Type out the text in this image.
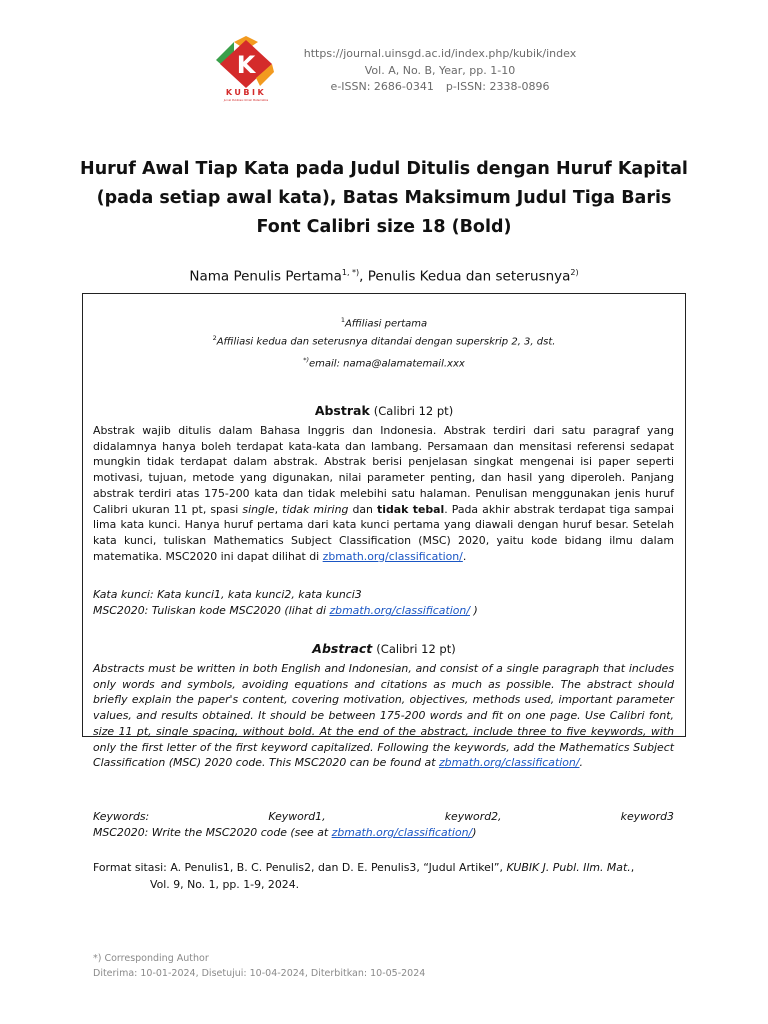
K
KUBIK
Jurnal Publikasi Ilmiah Matematika
https://journal.uinsgd.ac.id/index.php/kubik/index
Vol. A, No. B, Year, pp. 1-10
e-ISSN: 2686-0341 p-ISSN: 2338-0896
Huruf Awal Tiap Kata pada Judul Ditulis dengan Huruf Kapital (pada setiap awal kata), Batas Maksimum Judul Tiga Baris Font Calibri size 18 (Bold)
Nama Penulis Pertama$^{1, *)}$, Penulis Kedua dan seterusnya$^{2)}$
$^1$Affiliasi pertama
$^2$Affiliasi kedua dan seterusnya ditandai dengan superskrip 2, 3, dst.
*)email: nama@alamatemail.xxx
Abstrak (Calibri 12 pt)
Abstrak wajib ditulis dalam Bahasa Inggris dan Indonesia. Abstrak terdiri dari satu paragraf yang didalamnya hanya boleh terdapat kata-kata dan lambang. Persamaan dan mensitasi referensi sedapat mungkin tidak terdapat dalam abstrak. Abstrak berisi penjelasan singkat mengenai isi paper seperti motivasi, tujuan, metode yang digunakan, nilai parameter penting, dan hasil yang diperoleh. Panjang abstrak terdiri atas 175-200 kata dan tidak melebihi satu halaman. Penulisan menggunakan jenis huruf Calibri ukuran 11 pt, spasi single, tidak miring dan tidak tebal. Pada akhir abstrak terdapat tiga sampai lima kata kunci. Hanya huruf pertama dari kata kunci pertama yang diawali dengan huruf besar. Setelah kata kunci, tuliskan Mathematics Subject Classification (MSC) 2020, yaitu kode bidang ilmu dalam matematika. MSC2020 ini dapat dilihat di zbmath.org/classification/.
Kata kunci: Kata kunci1, kata kunci2, kata kunci3
MSC2020: Tuliskan kode MSC2020 (lihat di zbmath.org/classification/ )
Abstract (Calibri 12 pt)
Abstracts must be written in both English and Indonesian, and consist of a single paragraph that includes only words and symbols, avoiding equations and citations as much as possible. The abstract should briefly explain the paper's content, covering motivation, objectives, methods used, important parameter values, and results obtained. It should be between 175-200 words and fit on one page. Use Calibri font, size 11 pt, single spacing, without bold. At the end of the abstract, include three to five keywords, with only the first letter of the first keyword capitalized. Following the keywords, add the Mathematics Subject Classification (MSC) 2020 code. This MSC2020 can be found at zbmath.org/classification/.
Keywords:	Keyword1,	keyword2,	keyword3
MSC2020: Write the MSC2020 code (see at zbmath.org/classification/)
Format sitasi: A. Penulis1, B. C. Penulis2, dan D. E. Penulis3, “Judul Artikel”, KUBIK J. Publ. Ilm. Mat.,
Vol. 9, No. 1, pp. 1-9, 2024.
*) Corresponding Author
Diterima: 10-01-2024, Disetujui: 10-04-2024, Diterbitkan: 10-05-2024
